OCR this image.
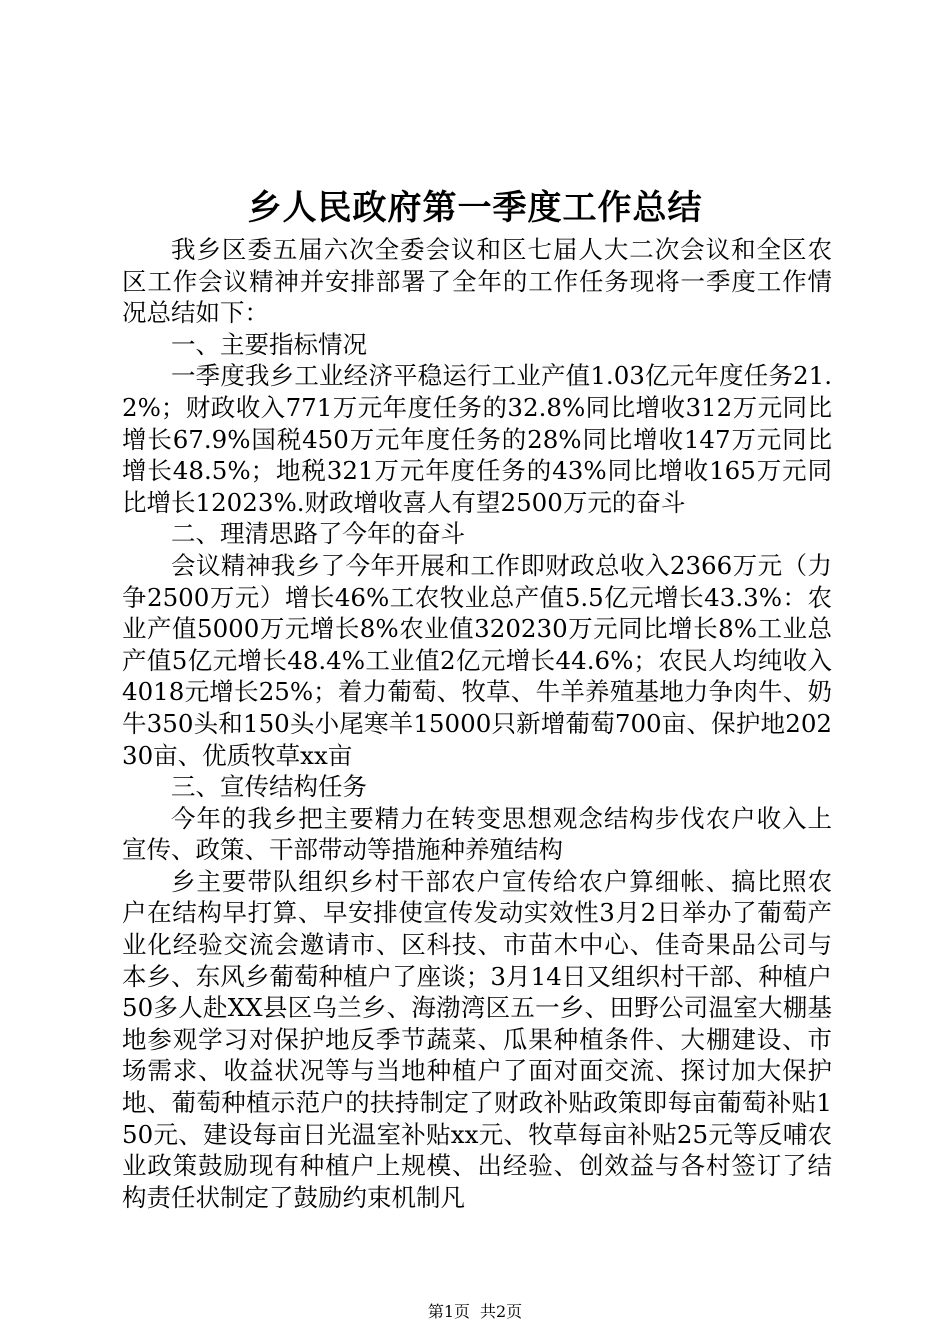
乡人民政府第一季度工作总结

我乡区委五届六次全委会议和区七届人大二次会议和全区农区工作会议精神并安排部署了全年的工作任务现将一季度工作情况总结如下：

一、主要指标情况

一季度我乡工业经济平稳运行工业产值1.03亿元年度任务21.2%；财政收入771万元年度任务的32.8%同比增收312万元同比增长67.9%国税450万元年度任务的28%同比增收147万元同比增长48.5%；地税321万元年度任务的43%同比增收165万元同比增长12023%.财政增收喜人有望2500万元的奋斗

二、理清思路了今年的奋斗

会议精神我乡了今年开展和工作即财政总收入2366万元（力争2500万元）增长46%工农牧业总产值5.5亿元增长43.3%：农业产值5000万元增长8%农业值320230万元同比增长8%工业总产值5亿元增长48.4%工业值2亿元增长44.6%；农民人均纯收入4018元增长25%；着力葡萄、牧草、牛羊养殖基地力争肉牛、奶牛350头和150头小尾寒羊15000只新增葡萄700亩、保护地20230亩、优质牧草xx亩

三、宣传结构任务

今年的我乡把主要精力在转变思想观念结构步伐农户收入上宣传、政策、干部带动等措施种养殖结构

乡主要带队组织乡村干部农户宣传给农户算细帐、搞比照农户在结构早打算、早安排使宣传发动实效性3月2日举办了葡萄产业化经验交流会邀请市、区科技、市苗木中心、佳奇果品公司与本乡、东风乡葡萄种植户了座谈；3月14日又组织村干部、种植户50多人赴XX县区乌兰乡、海渤湾区五一乡、田野公司温室大棚基地参观学习对保护地反季节蔬菜、瓜果种植条件、大棚建设、市场需求、收益状况等与当地种植户了面对面交流、探讨加大保护地、葡萄种植示范户的扶持制定了财政补贴政策即每亩葡萄补贴150元、建设每亩日光温室补贴xx元、牧草每亩补贴25元等反哺农业政策鼓励现有种植户上规模、出经验、创效益与各村签订了结构责任状制定了鼓励约束机制凡

第1页 共2页
